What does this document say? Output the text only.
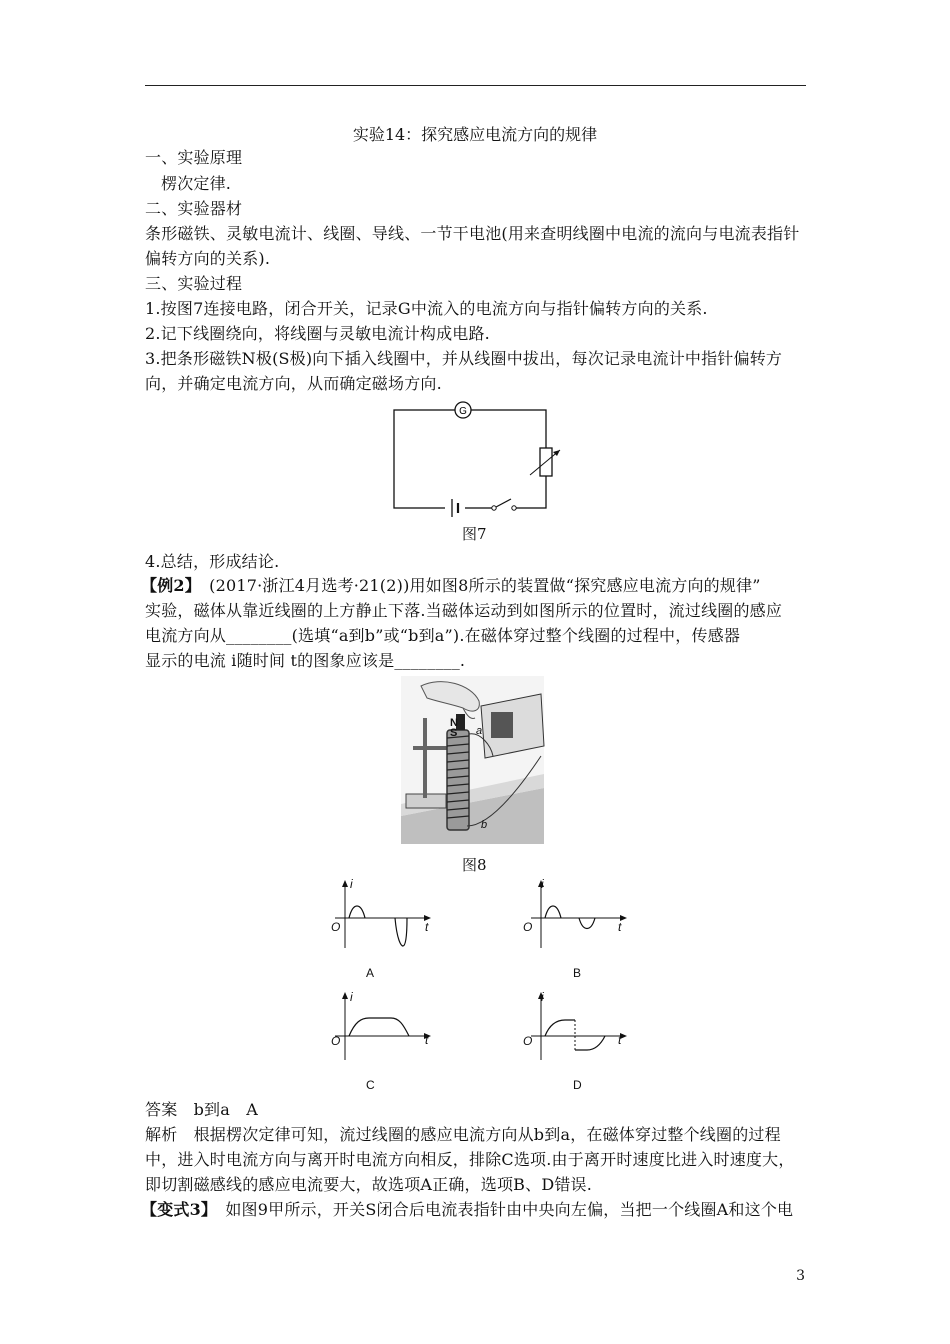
实验14：探究感应电流方向的规律
一、实验原理
楞次定律.
二、实验器材
条形磁铁、灵敏电流计、线圈、导线、一节干电池(用来查明线圈中电流的流向与电流表指针
偏转方向的关系).
三、实验过程
1.按图7连接电路，闭合开关，记录G中流入的电流方向与指针偏转方向的关系.
2.记下线圈绕向，将线圈与灵敏电流计构成电路.
3.把条形磁铁N极(S极)向下插入线圈中，并从线圈中拔出，每次记录电流计中指针偏转方
向，并确定电流方向，从而确定磁场方向.
G
图7
4.总结，形成结论.
【例2】　(2017·浙江4月选考·21(2))用如图8所示的装置做“探究感应电流方向的规律”
实验，磁体从靠近线圈的上方静止下落.当磁体运动到如图所示的位置时，流过线圈的感应
电流方向从________(选填“a到b”或“b到a”).在磁体穿过整个线圈的过程中，传感器
显示的电流 i随时间 t的图象应该是________.
N
S a
b
图8
i
O	t
A
i
O	t
B
i
O	t
C
i
O	t
D
答案　b到a　A
解析　根据楞次定律可知，流过线圈的感应电流方向从b到a，在磁体穿过整个线圈的过程
中，进入时电流方向与离开时电流方向相反，排除C选项.由于离开时速度比进入时速度大，
即切割磁感线的感应电流要大，故选项A正确，选项B、D错误.
【变式3】　如图9甲所示，开关S闭合后电流表指针由中央向左偏，当把一个线圈A和这个电
3
